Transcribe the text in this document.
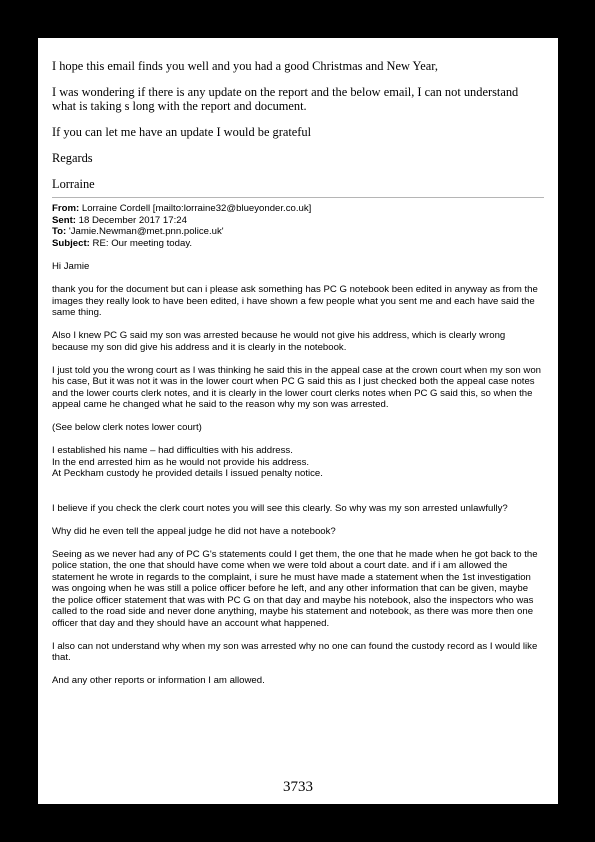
I hope this email finds you well and you had a good Christmas and New Year,

I was wondering if there is any update on the report and the below email, I can not understand what is taking s long with the report and document.

If you can let me have an update I would be grateful

Regards

Lorraine

From: Lorraine Cordell [mailto:lorraine32@blueyonder.co.uk]
Sent: 18 December 2017 17:24
To: 'Jamie.Newman@met.pnn.police.uk'
Subject: RE: Our meeting today.

Hi Jamie

thank you for the document but can i please ask something has PC G notebook been edited in anyway as from the images they really look to have been edited, i have shown a few people what you sent me and each have said the same thing.

Also I knew PC G said my son was arrested because he would not give his address, which is clearly wrong because my son did give his address and it is clearly in the notebook.

I just told you the wrong court as I was thinking he said this in the appeal case at the crown court when my son won his case, But it was not it was in the lower court when PC G said this as I just checked both the appeal case notes and the lower courts clerk notes, and it is clearly in the lower court clerks notes when PC G said this, so when the appeal came he changed what he said to the reason why my son was arrested.

(See below clerk notes lower court)

I established his name – had difficulties with his address.

In the end arrested him as he would not provide his address.

At Peckham custody he provided details I issued penalty notice.

I believe if you check the clerk court notes you will see this clearly. So why was my son arrested unlawfully?

Why did he even tell the appeal judge he did not have a notebook?

Seeing as we never had any of PC G's statements could I get them, the one that he made when he got back to the police station, the one that should have come when we were told about a court date. and if i am allowed the statement he wrote in regards to the complaint, i sure he must have made a statement when the 1st investigation was ongoing when he was still a police officer before he left, and any other information that can be given, maybe the police officer statement that was with PC G on that day and maybe his notebook, also the inspectors who was called to the road side and never done anything, maybe his statement and notebook, as there was more then one officer that day and they should have an account what happened.

I also can not understand why when my son was arrested why no one can found the custody record as I would like that.

And any other reports or information I am allowed.

3733
